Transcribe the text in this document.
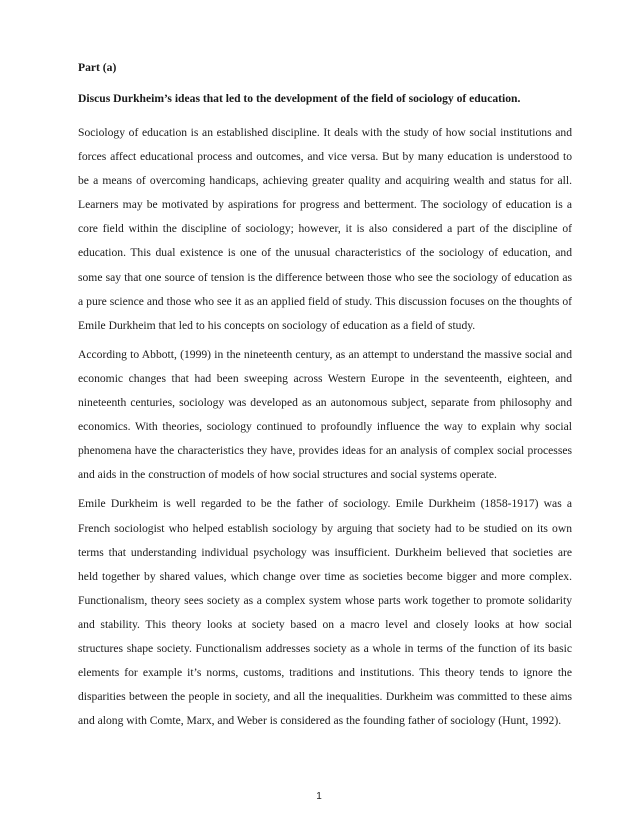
Part (a)
Discus Durkheim’s ideas that led to the development of the field of sociology of education.

Sociology of education is an established discipline. It deals with the study of how social institutions and forces affect educational process and outcomes, and vice versa. But by many education is understood to be a means of overcoming handicaps, achieving greater quality and acquiring wealth and status for all. Learners may be motivated by aspirations for progress and betterment. The sociology of education is a core field within the discipline of sociology; however, it is also considered a part of the discipline of education. This dual existence is one of the unusual characteristics of the sociology of education, and some say that one source of tension is the difference between those who see the sociology of education as a pure science and those who see it as an applied field of study. This discussion focuses on the thoughts of Emile Durkheim that led to his concepts on sociology of education as a field of study.

According to Abbott, (1999) in the nineteenth century, as an attempt to understand the massive social and economic changes that had been sweeping across Western Europe in the seventeenth, eighteen, and nineteenth centuries, sociology was developed as an autonomous subject, separate from philosophy and economics. With theories, sociology continued to profoundly influence the way to explain why social phenomena have the characteristics they have, provides ideas for an analysis of complex social processes and aids in the construction of models of how social structures and social systems operate.

Emile Durkheim is well regarded to be the father of sociology. Emile Durkheim (1858-1917) was a French sociologist who helped establish sociology by arguing that society had to be studied on its own terms that understanding individual psychology was insufficient. Durkheim believed that societies are held together by shared values, which change over time as societies become bigger and more complex. Functionalism, theory sees society as a complex system whose parts work together to promote solidarity and stability. This theory looks at society based on a macro level and closely looks at how social structures shape society. Functionalism addresses society as a whole in terms of the function of its basic elements for example it’s norms, customs, traditions and institutions. This theory tends to ignore the disparities between the people in society, and all the inequalities. Durkheim was committed to these aims and along with Comte, Marx, and Weber is considered as the founding father of sociology (Hunt, 1992).

1
